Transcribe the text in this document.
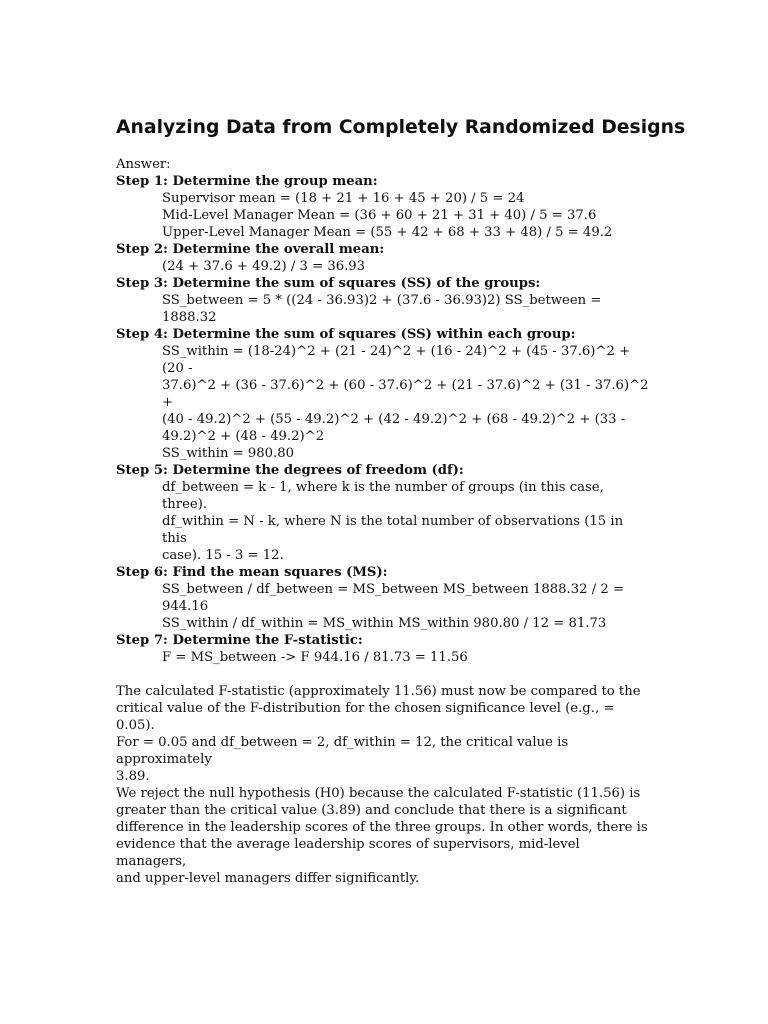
Analyzing Data from Completely Randomized Designs

Answer:

Step 1: Determine the group mean:

Supervisor mean = (18 + 21 + 16 + 45 + 20) / 5 = 24

Mid-Level Manager Mean = (36 + 60 + 21 + 31 + 40) / 5 = 37.6

Upper-Level Manager Mean = (55 + 42 + 68 + 33 + 48) / 5 = 49.2

Step 2: Determine the overall mean:

(24 + 37.6 + 49.2) / 3 = 36.93

Step 3: Determine the sum of squares (SS) of the groups:

SS_between = 5 * ((24 - 36.93)2 + (37.6 - 36.93)2) SS_between = 1888.32

Step 4: Determine the sum of squares (SS) within each group:

SS_within = (18-24)^2 + (21 - 24)^2 + (16 - 24)^2 + (45 - 37.6)^2 + (20 -

37.6)^2 + (36 - 37.6)^2 + (60 - 37.6)^2 + (21 - 37.6)^2 + (31 - 37.6)^2 +

(40 - 49.2)^2 + (55 - 49.2)^2 + (42 - 49.2)^2 + (68 - 49.2)^2 + (33 -

49.2)^2 + (48 - 49.2)^2

SS_within = 980.80

Step 5: Determine the degrees of freedom (df):

df_between = k - 1, where k is the number of groups (in this case, three).

df_within = N - k, where N is the total number of observations (15 in this

case). 15 - 3 = 12.

Step 6: Find the mean squares (MS):

SS_between / df_between = MS_between MS_between 1888.32 / 2 =

944.16

SS_within / df_within = MS_within MS_within 980.80 / 12 = 81.73

Step 7: Determine the F-statistic:

F = MS_between -> F 944.16 / 81.73 = 11.56

The calculated F-statistic (approximately 11.56) must now be compared to the

critical value of the F-distribution for the chosen significance level (e.g., = 0.05).

For = 0.05 and df_between = 2, df_within = 12, the critical value is approximately

3.89.

We reject the null hypothesis (H0) because the calculated F-statistic (11.56) is

greater than the critical value (3.89) and conclude that there is a significant

difference in the leadership scores of the three groups. In other words, there is

evidence that the average leadership scores of supervisors, mid-level managers,

and upper-level managers differ significantly.
